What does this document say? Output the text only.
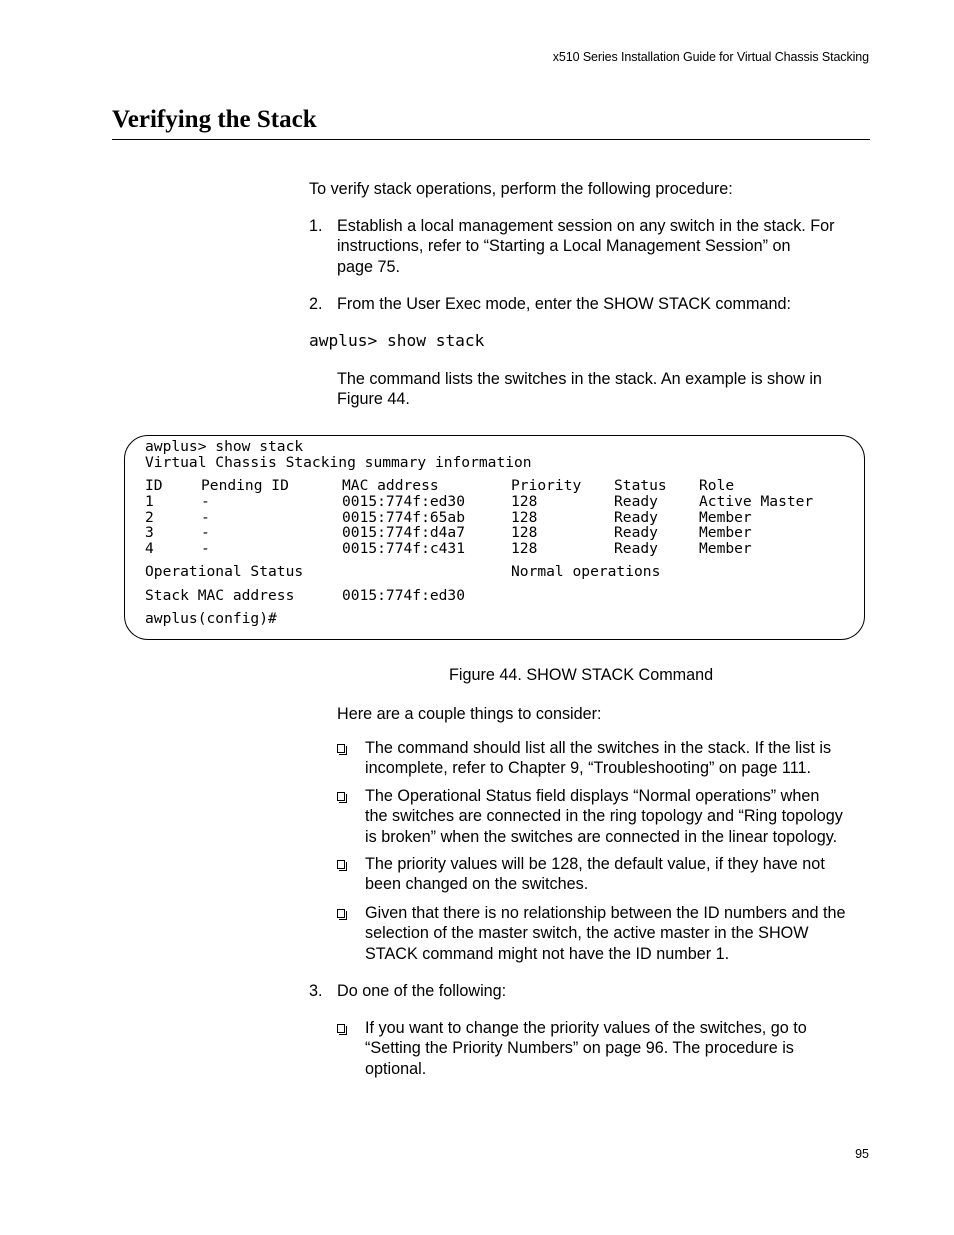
x510 Series Installation Guide for Virtual Chassis Stacking
Verifying the Stack
To verify stack operations, perform the following procedure:
1. Establish a local management session on any switch in the stack. For
instructions, refer to “Starting a Local Management Session” on
page 75.
2. From the User Exec mode, enter the SHOW STACK command:
awplus> show stack
The command lists the switches in the stack. An example is show in
Figure 44.
awplus> show stack
Virtual Chassis Stacking summary information
ID	Pending ID	MAC address	Priority Status Role
1	-	0015:774f:ed30	128	Ready	Active Master
2	-	0015:774f:65ab	128	Ready	Member
3	-	0015:774f:d4a7	128	Ready	Member
4	-	0015:774f:c431	128	Ready	Member
Operational Status	Normal operations
Stack MAC address	0015:774f:ed30
awplus(config)#
Figure 44. SHOW STACK Command
Here are a couple things to consider:
The command should list all the switches in the stack. If the list is
incomplete, refer to Chapter 9, “Troubleshooting” on page 111.
The Operational Status field displays “Normal operations” when
the switches are connected in the ring topology and “Ring topology
is broken” when the switches are connected in the linear topology.
The priority values will be 128, the default value, if they have not
been changed on the switches.
Given that there is no relationship between the ID numbers and the
selection of the master switch, the active master in the SHOW
STACK command might not have the ID number 1.
3. Do one of the following:
If you want to change the priority values of the switches, go to
“Setting the Priority Numbers” on page 96. The procedure is
optional.
95
